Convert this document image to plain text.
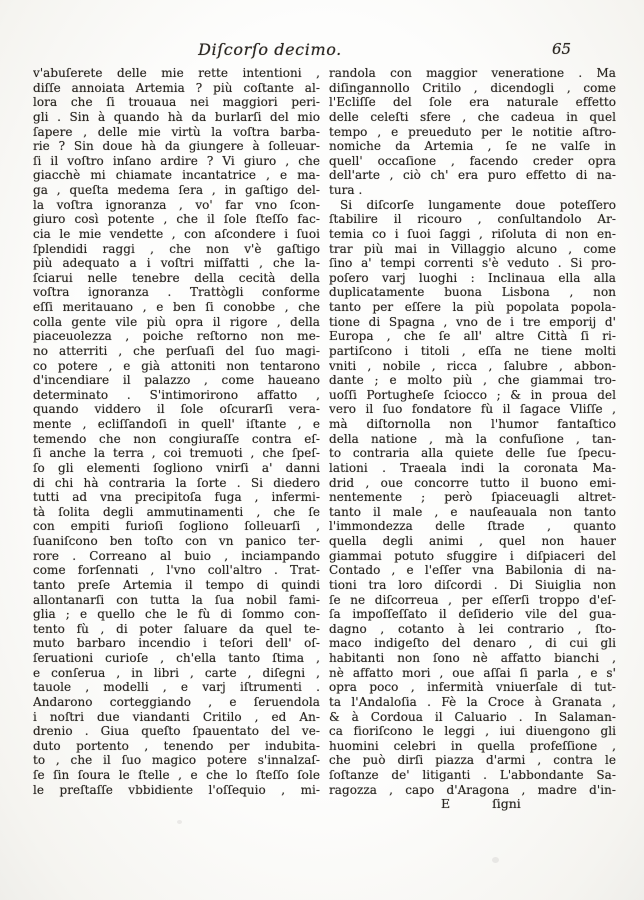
Diſcorſo decimo.	65
v'abuſerete delle mie rette intentioni ,
diſſe annoiata Artemia ? più coſtante al-
lora che ſi trouaua nei maggiori peri-
gli . Sin à quando hà da burlarſi del mio
ſapere , delle mie virtù la voſtra barba-
rie ? Sin doue hà da giungere à ſolleuar-
ſi il voſtro inſano ardire ? Vi giuro , che
giacchè mi chiamate incantatrice , e ma-
ga , queſta medema ſera , in gaſtigo del-
la voſtra ignoranza , vo' far vno ſcon-
giuro così potente , che il ſole ſteſſo fac-
cia le mie vendette , con aſcondere i ſuoi
ſplendidi raggi , che non v'è gaſtigo
più adequato a i voſtri miſfatti , che la-
ſciarui nelle tenebre della cecità della
voſtra ignoranza . Trattògli conforme
eſſi meritauano , e ben ſi conobbe , che
colla gente vile più opra il rigore , della
piaceuolezza , poiche reſtorno non me-
no atterriti , che perſuaſi del ſuo magi-
co potere , e già attoniti non tentarono
d'incendiare il palazzo , come haueano
determinato . S'intimorirono affatto ,
quando viddero il ſole oſcurarſi vera-
mente , ecliſſandoſi in quell' iſtante , e
temendo che non congiuraſſe contra eſ-
ſi anche la terra , coi tremuoti , che ſpeſ-
ſo gli elementi ſogliono vnirſi a' danni
di chi hà contraria la ſorte . Si diedero
tutti ad vna precipitoſa fuga , infermi-
tà ſolita degli ammutinamenti , che ſe
con empiti furioſi ſogliono ſolleuarſi ,
ſuaniſcono ben toſto con vn panico ter-
rore . Correano al buio , inciampando
come forſennati , l'vno coll'altro . Trat-
tanto preſe Artemia il tempo di quindi
allontanarſi con tutta la ſua nobil fami-
glia ; e quello che le fù di ſommo con-
tento fù , di poter ſaluare da quel te-
muto barbaro incendio i teſori dell' oſ-
ſeruationi curioſe , ch'ella tanto ſtima ,
e conſerua , in libri , carte , diſegni ,
tauole , modelli , e varj iſtrumenti .
Andarono corteggiando , e ſeruendola
i noſtri due viandanti Critilo , ed An-
drenio . Giua queſto ſpauentato del ve-
duto portento , tenendo per indubita-
to , che il ſuo magico potere s'innalzaſ-
ſe ſin ſoura le ſtelle , e che lo ſteſſo ſole
le preſtaſſe vbbidiente l'oſſequio , mi-
randola con maggior veneratione . Ma
diſingannollo Critilo , dicendogli , come
l'Ecliſſe del ſole era naturale effetto
delle celeſti sfere , che cadeua in quel
tempo , e preueduto per le notitie aſtro-
nomiche da Artemia , ſe ne valſe in
quell' occaſione , facendo creder opra
dell'arte , ciò ch' era puro effetto di na-
tura .
Si diſcorſe lungamente doue poteſſero
ſtabilire il ricouro , conſultandolo Ar-
temia co i ſuoi ſaggi , riſoluta di non en-
trar più mai in Villaggio alcuno , come
ſino a' tempi correnti s'è veduto . Si pro-
poſero varj luoghi : Inclinaua ella alla
duplicatamente buona Lisbona , non
tanto per eſſere la più popolata popola-
tione di Spagna , vno de i tre emporij d'
Europa , che ſe all' altre Città ſi ri-
partiſcono i titoli , eſſa ne tiene molti
vniti , nobile , ricca , ſalubre , abbon-
dante ; e molto più , che giammai tro-
uoſſi Portugheſe ſciocco ; & in proua del
vero il ſuo fondatore fù il ſagace Vliſſe ,
mà diſtornolla non l'humor fantaſtico
della natione , mà la confuſione , tan-
to contraria alla quiete delle ſue ſpecu-
lationi . Traeala indi la coronata Ma-
drid , oue concorre tutto il buono emi-
nentemente ; però ſpiaceuagli altret-
tanto il male , e nauſeauala non tanto
l'immondezza delle ſtrade , quanto
quella degli animi , quel non hauer
giammai potuto sfuggire i diſpiaceri del
Contado , e l'eſſer vna Babilonia di na-
tioni tra loro diſcordi . Di Siuiglia non
ſe ne diſcorreua , per eſſerſi troppo d'eſ-
ſa impoſſeſſato il deſiderio vile del gua-
dagno , cotanto à lei contrario , ſto-
maco indigeſto del denaro , di cui gli
habitanti non ſono nè affatto bianchi ,
nè affatto mori , oue aſſai ſi parla , e s'
opra poco , infermità vniuerſale di tut-
ta l'Andaloſia . Fè la Croce à Granata ,
& à Cordoua il Caluario . In Salaman-
ca fioriſcono le leggi , iui diuengono gli
huomini celebri in quella profeſſione ,
che può dirſi piazza d'armi , contra le
ſoſtanze de' litiganti . L'abbondante Sa-
ragozza , capo d'Aragona , madre d'in-
E	ſigni
